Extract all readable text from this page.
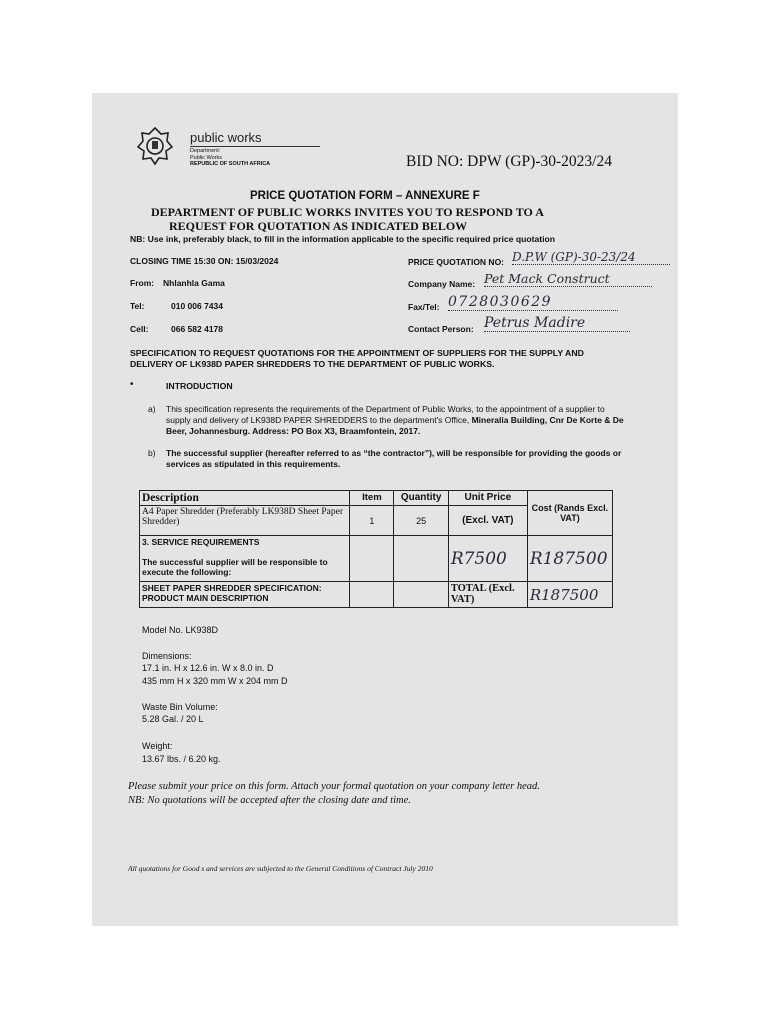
public works
Department:
Public Works
REPUBLIC OF SOUTH AFRICA	BID NO: DPW (GP)-30-2023/24
PRICE QUOTATION FORM – ANNEXURE F
DEPARTMENT OF PUBLIC WORKS INVITES YOU TO RESPOND TO A
REQUEST FOR QUOTATION AS INDICATED BELOW
NB: Use ink, preferably black, to fill in the information applicable to the specific required price quotation
CLOSING TIME 15:30 ON: 15/03/2024
From: Nhlanhla Gama
Tel:	010 006 7434
Cell:	066 582 4178
PRICE QUOTATION NO: D.P.W (GP)-30-23/24
Company Name: Pet Mack Construct
Fax/Tel: 0728030629
Contact Person: Petrus Madire
SPECIFICATION TO REQUEST QUOTATIONS FOR THE APPOINTMENT OF SUPPLIERS FOR THE SUPPLY AND DELIVERY OF LK938D PAPER SHREDDERS TO THE DEPARTMENT OF PUBLIC WORKS.
•	INTRODUCTION
a) This specification represents the requirements of the Department of Public Works, to the appointment of a supplier to supply and delivery of LK938D PAPER SHREDDERS to the department's Office, Mineralia Building, Cnr De Korte & De Beer, Johannesburg. Address: PO Box X3, Braamfontein, 2017.
b) The successful supplier (hereafter referred to as “the contractor”), will be responsible for providing the goods or services as stipulated in this requirements.
Description	Item	Quantity	Unit Price	Cost (Rands Excl. VAT)
A4 Paper Shredder (Preferably LK938D Sheet Paper Shredder)	1	25	(Excl. VAT)	

3. SERVICE REQUIREMENTS
The successful supplier will be responsible to execute the following:			R7500	R187500
SHEET PAPER SHREDDER SPECIFICATION: PRODUCT MAIN DESCRIPTION			TOTAL (Excl. VAT)	R187500
Model No. LK938D
Dimensions:
17.1 in. H x 12.6 in. W x 8.0 in. D
435 mm H x 320 mm W x 204 mm D
Waste Bin Volume:
5.28 Gal. / 20 L
Weight:
13.67 lbs. / 6.20 kg.
Please submit your price on this form. Attach your formal quotation on your company letter head.
NB: No quotations will be accepted after the closing date and time.
All quotations for Good s and services are subjected to the General Conditions of Contract July 2010
